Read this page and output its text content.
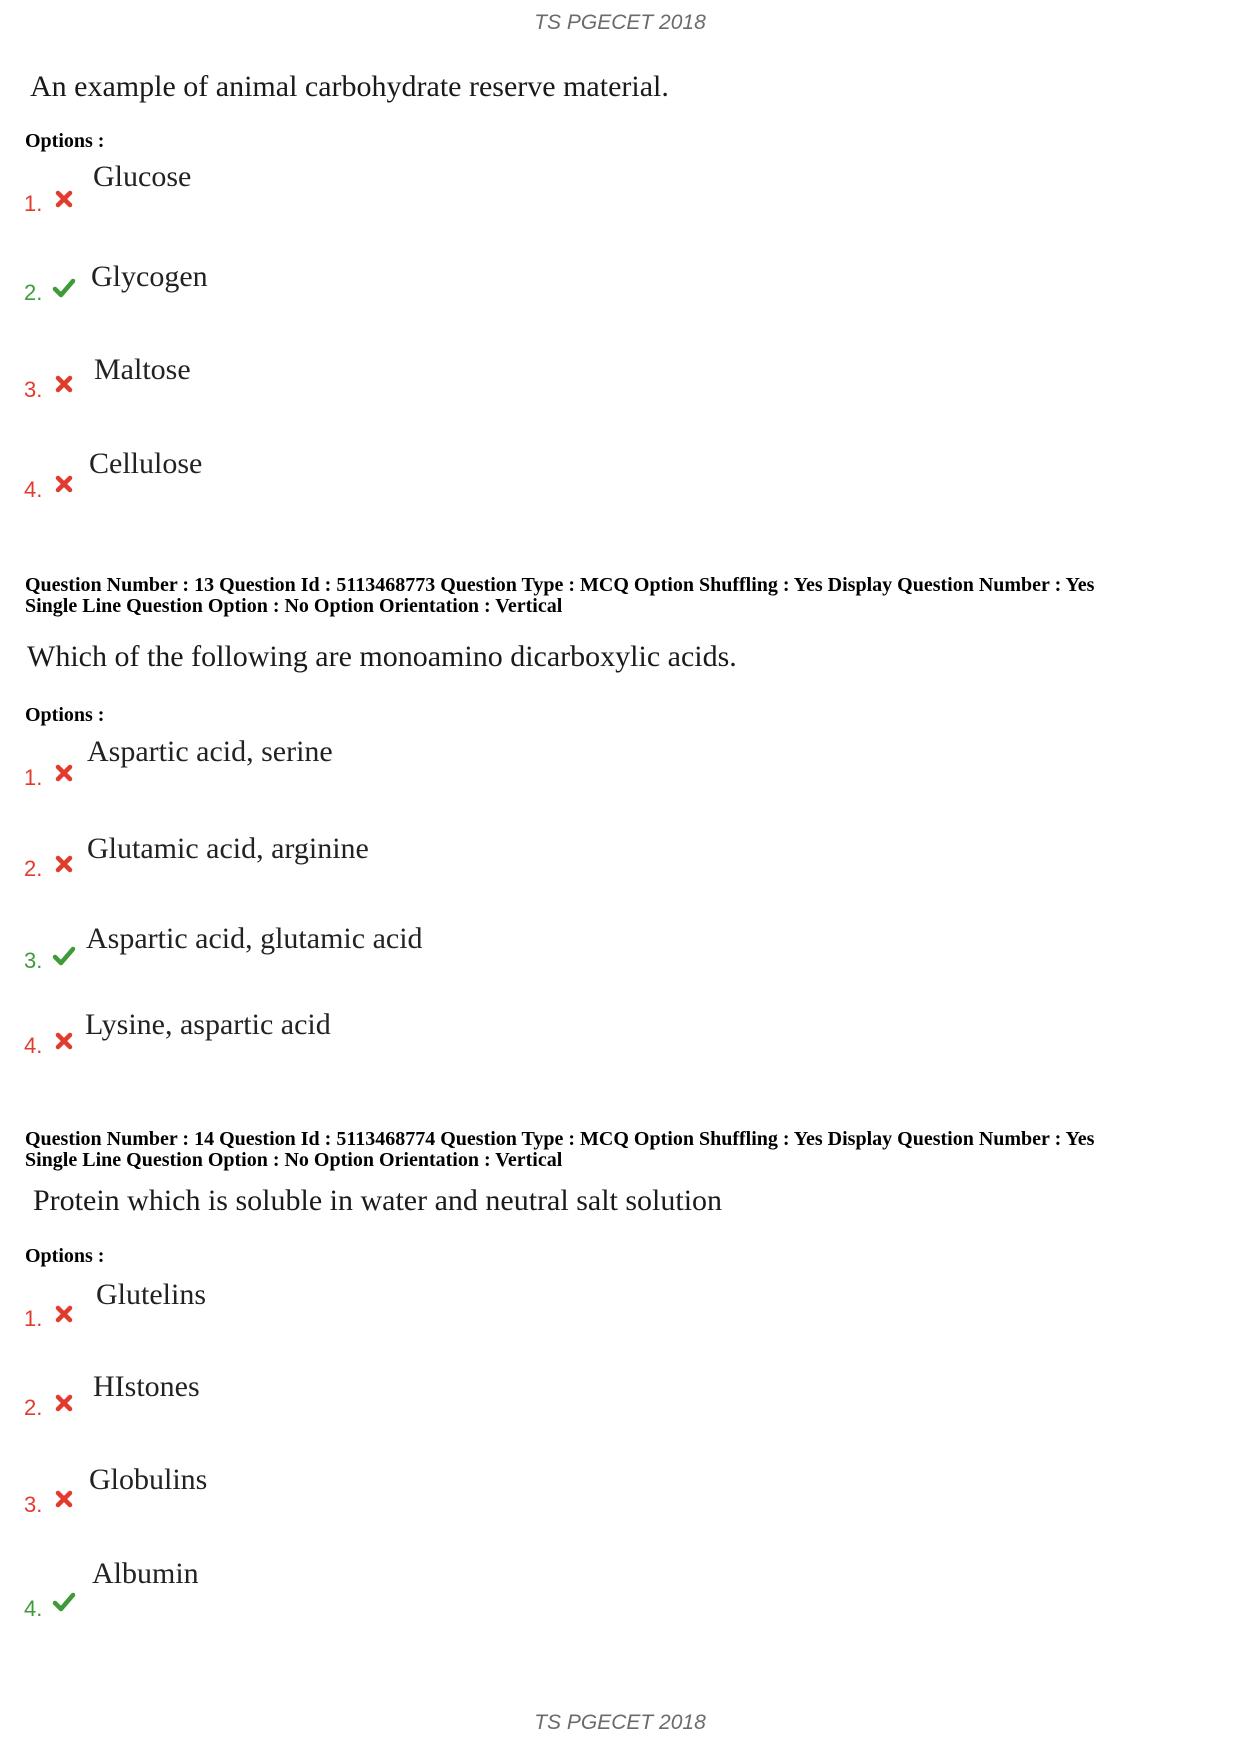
TS PGECET 2018
An example of animal carbohydrate reserve material.
Options :
1.
Glucose
2. Glycogen
3.
Maltose
4.
Cellulose
Question Number : 13 Question Id : 5113468773 Question Type : MCQ Option Shuffling : Yes Display Question Number : Yes
Single Line Question Option : No Option Orientation : Vertical
Which of the following are monoamino dicarboxylic acids.
Options :
1.
Aspartic acid, serine
2.
Glutamic acid, arginine
3.
Aspartic acid, glutamic acid
4.
Lysine, aspartic acid
Question Number : 14 Question Id : 5113468774 Question Type : MCQ Option Shuffling : Yes Display Question Number : Yes
Single Line Question Option : No Option Orientation : Vertical
Protein which is soluble in water and neutral salt solution
Options :
1.
Glutelins
2.
HIstones
3.
Globulins
4.
Albumin
TS PGECET 2018
